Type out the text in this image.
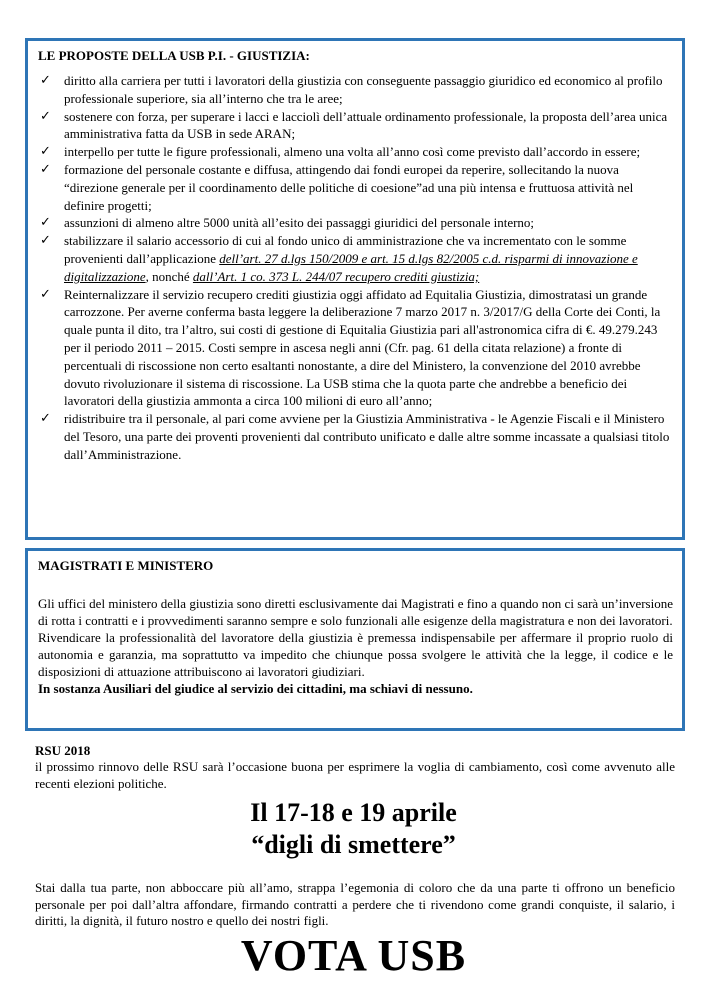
LE PROPOSTE DELLA USB P.I. - GIUSTIZIA:
✓ diritto alla carriera per tutti i lavoratori della giustizia con conseguente passaggio giuridico ed economico al profilo professionale superiore, sia all’interno che tra le aree;
✓ sostenere con forza, per superare i lacci e lacciolì dell’attuale ordinamento professionale, la proposta dell’area unica amministrativa fatta da USB in sede ARAN;
✓ interpello per tutte le figure professionali, almeno una volta all’anno così come previsto dall’accordo in essere;
✓ formazione del personale costante e diffusa, attingendo dai fondi europei da reperire, sollecitando la nuova “direzione generale per il coordinamento delle politiche di coesione”ad una più intensa e fruttuosa attività nel definire progetti;
✓ assunzioni di almeno altre 5000 unità all’esito dei passaggi giuridici del personale interno;
✓ stabilizzare il salario accessorio di cui al fondo unico di amministrazione che va incrementato con le somme provenienti dall’applicazione dell’art. 27 d.lgs 150/2009 e art. 15 d.lgs 82/2005 c.d. risparmi di innovazione e digitalizzazione, nonché dall’Art. 1 co. 373 L. 244/07 recupero crediti giustizia;
✓ Reinternalizzare il servizio recupero crediti giustizia oggi affidato ad Equitalia Giustizia, dimostratasi un grande carrozzone. Per averne conferma basta leggere la deliberazione 7 marzo 2017 n. 3/2017/G della Corte dei Conti, la quale punta il dito, tra l’altro, sui costi di gestione di Equitalia Giustizia pari all'astronomica cifra di €. 49.279.243 per il periodo 2011 – 2015. Costi sempre in ascesa negli anni (Cfr. pag. 61 della citata relazione) a fronte di percentuali di riscossione non certo esaltanti nonostante, a dire del Ministero, la convenzione del 2010 avrebbe dovuto rivoluzionare il sistema di riscossione. La USB stima che la quota parte che andrebbe a beneficio dei lavoratori della giustizia ammonta a circa 100 milioni di euro all’anno;
✓ ridistribuire tra il personale, al pari come avviene per la Giustizia Amministrativa - le Agenzie Fiscali e il Ministero del Tesoro, una parte dei proventi provenienti dal contributo unificato e dalle altre somme incassate a qualsiasi titolo dall’Amministrazione.
MAGISTRATI E MINISTERO

Gli uffici del ministero della giustizia sono diretti esclusivamente dai Magistrati e fino a quando non ci sarà un’inversione di rotta i contratti e i provvedimenti saranno sempre e solo funzionali alle esigenze della magistratura e non dei lavoratori.

Rivendicare la professionalità del lavoratore della giustizia è premessa indispensabile per affermare il proprio ruolo di autonomia e garanzia, ma soprattutto va impedito che chiunque possa svolgere le attività che la legge, il codice e le disposizioni di attuazione attribuiscono ai lavoratori giudiziari.

In sostanza Ausiliari del giudice al servizio dei cittadini, ma schiavi di nessuno.

RSU 2018
il prossimo rinnovo delle RSU sarà l’occasione buona per esprimere la voglia di cambiamento, così come avvenuto alle recenti elezioni politiche.
Il 17-18 e 19 aprile
“digli di smettere”
Stai dalla tua parte, non abboccare più all’amo, strappa l’egemonia di coloro che da una parte ti offrono un beneficio personale per poi dall’altra affondare, firmando contratti a perdere che ti rivendono come grandi conquiste, il salario, i diritti, la dignità, il futuro nostro e quello dei nostri figli.
VOTA USB
